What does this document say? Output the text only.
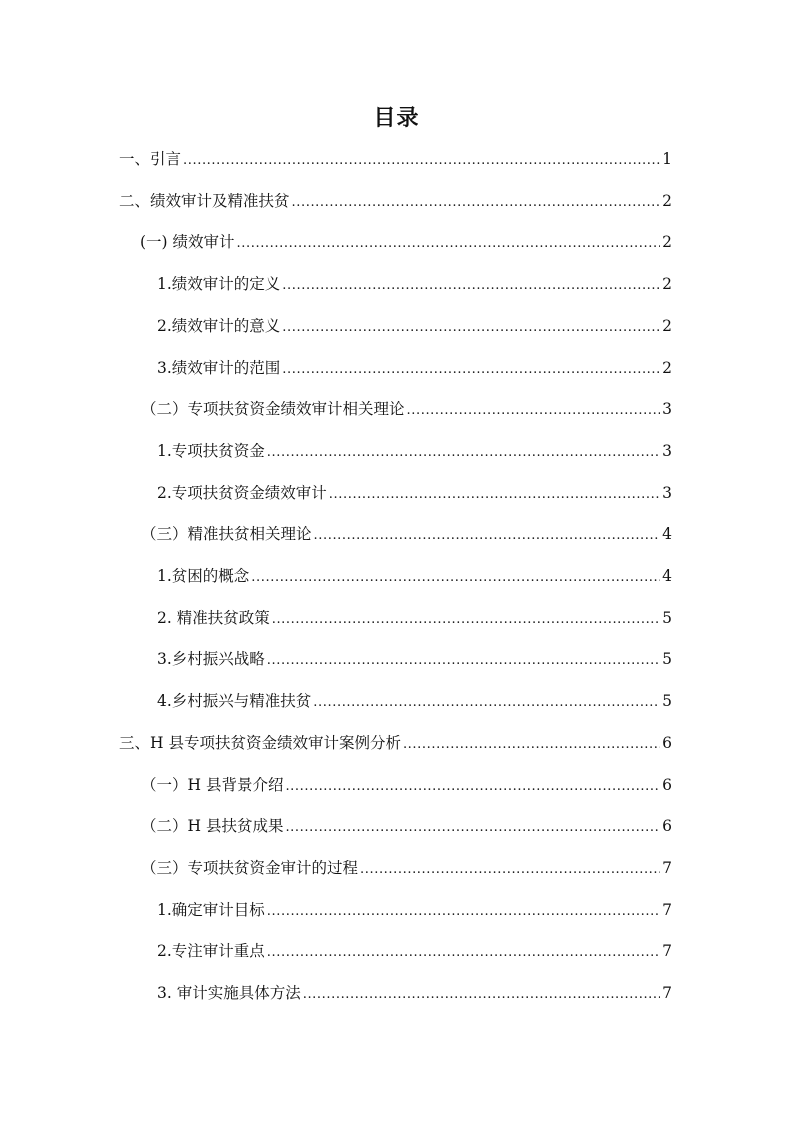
目录
一、引言 .....	1
二、绩效审计及精准扶贫 .....	2
(一) 绩效审计 .....	2
1.绩效审计的定义 .....	2
2.绩效审计的意义 .....	2
3.绩效审计的范围 .....	2
（二）专项扶贫资金绩效审计相关理论 .....	3
1.专项扶贫资金 .....	3
2.专项扶贫资金绩效审计 .....	3
（三）精准扶贫相关理论 .....	4
1.贫困的概念 .....	4
2. 精准扶贫政策 .....	5
3.乡村振兴战略 .....	5
4.乡村振兴与精准扶贫 .....	5
三、H 县专项扶贫资金绩效审计案例分析 .....	6
（一）H 县背景介绍 .....	6
（二）H 县扶贫成果 .....	6
（三）专项扶贫资金审计的过程 .....	7
1.确定审计目标 .....	7
2.专注审计重点 .....	7
3. 审计实施具体方法 .....	7
